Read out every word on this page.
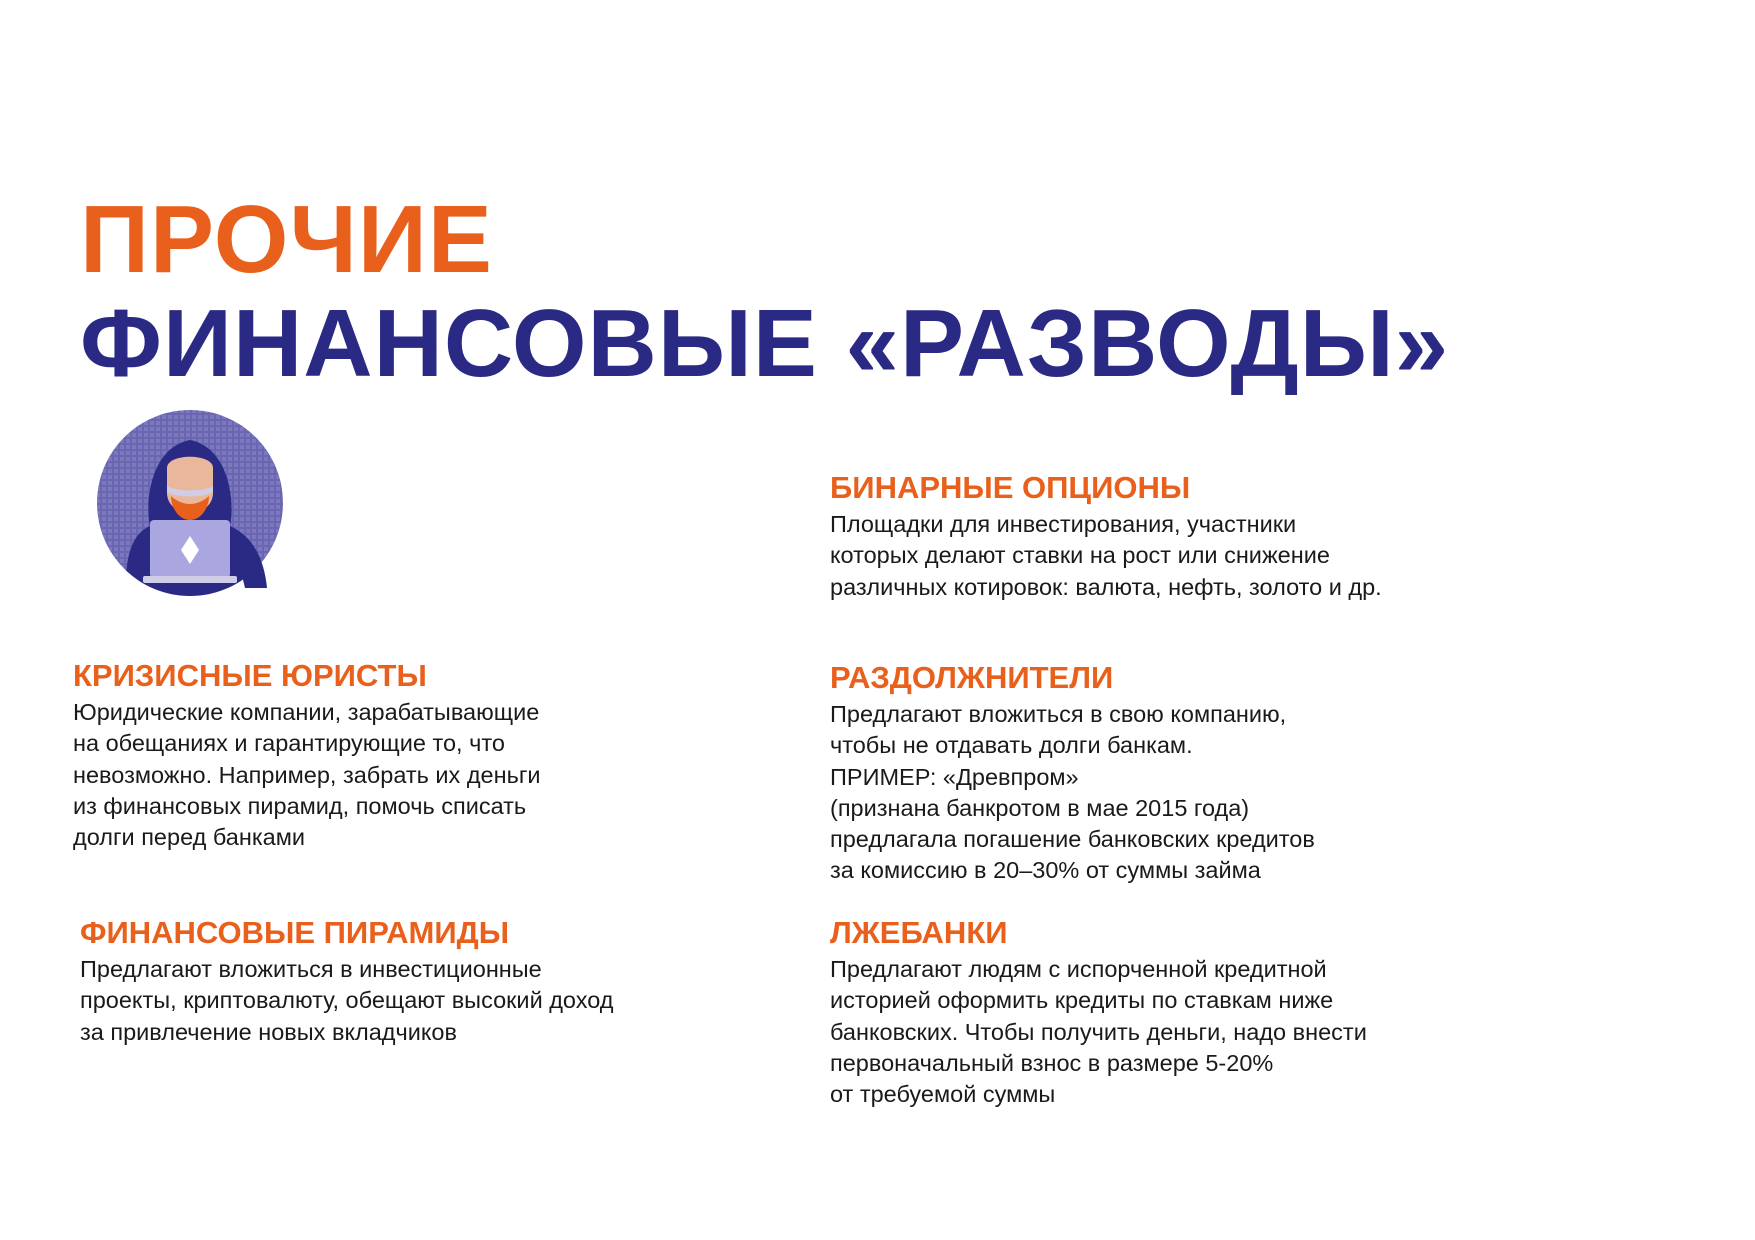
ПРОЧИЕ
ФИНАНСОВЫЕ «РАЗВОДЫ»
БИНАРНЫЕ ОПЦИОНЫ

Площадки для инвестирования, участники
которых делают ставки на рост или снижение
различных котировок: валюта, нефть, золото и др.

КРИЗИСНЫЕ ЮРИСТЫ

Юридические компании, зарабатывающие
на обещаниях и гарантирующие то, что
невозможно. Например, забрать их деньги
из финансовых пирамид, помочь списать
долги перед банками

РАЗДОЛЖНИТЕЛИ

Предлагают вложиться в свою компанию,
чтобы не отдавать долги банкам.
ПРИМЕР: «Древпром»
(признана банкротом в мае 2015 года)
предлагала погашение банковских кредитов
за комиссию в 20–30% от суммы займа

ФИНАНСОВЫЕ ПИРАМИДЫ

Предлагают вложиться в инвестиционные
проекты, криптовалюту, обещают высокий доход
за привлечение новых вкладчиков

ЛЖЕБАНКИ

Предлагают людям с испорченной кредитной
историей оформить кредиты по ставкам ниже
банковских. Чтобы получить деньги, надо внести
первоначальный взнос в размере 5-20%
от требуемой суммы
